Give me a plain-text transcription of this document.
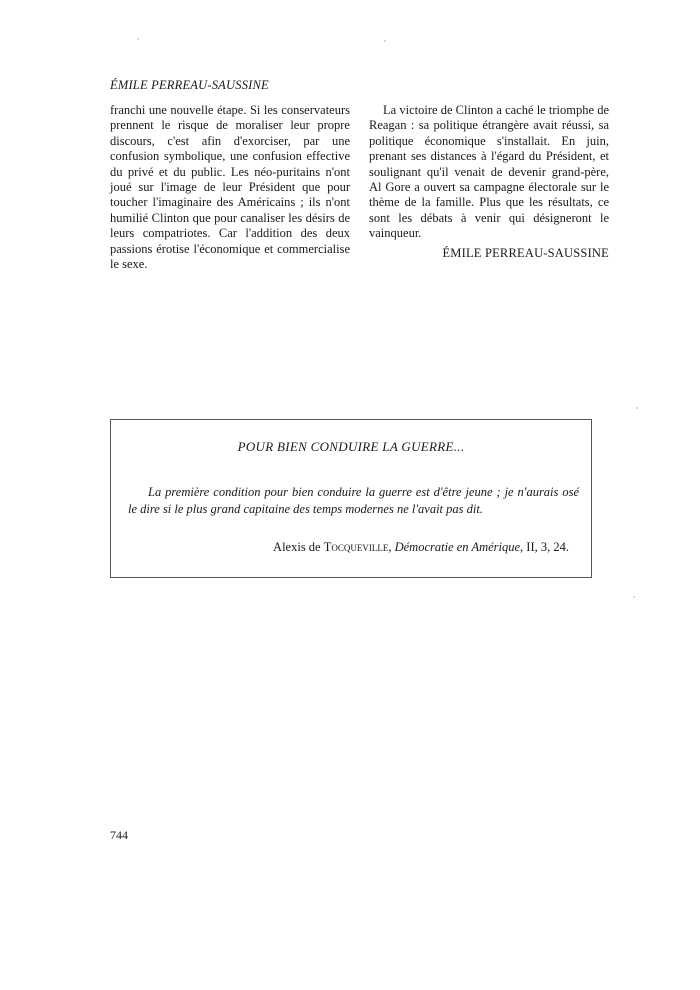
ÉMILE PERREAU-SAUSSINE

franchi une nouvelle étape. Si les conservateurs prennent le risque de moraliser leur propre discours, c'est afin d'exorciser, par une confusion symbolique, une confusion effective du privé et du public. Les néo-puritains n'ont joué sur l'image de leur Président que pour toucher l'imaginaire des Américains ; ils n'ont humilié Clinton que pour canaliser les désirs de leurs compatriotes. Car l'addition des deux passions érotise l'économique et commercialise le sexe.

La victoire de Clinton a caché le triomphe de Reagan : sa politique étrangère avait réussi, sa politique économique s'installait. En juin, prenant ses distances à l'égard du Président, et soulignant qu'il venait de devenir grand-père, Al Gore a ouvert sa campagne électorale sur le thème de la famille. Plus que les résultats, ce sont les débats à venir qui désigneront le vainqueur.

ÉMILE PERREAU-SAUSSINE
POUR BIEN CONDUIRE LA GUERRE...
La première condition pour bien conduire la guerre est d'être jeune ; je n'aurais osé le dire si le plus grand capitaine des temps modernes ne l'avait pas dit.
Alexis de Tocqueville, Démocratie en Amérique, II, 3, 24.
744
